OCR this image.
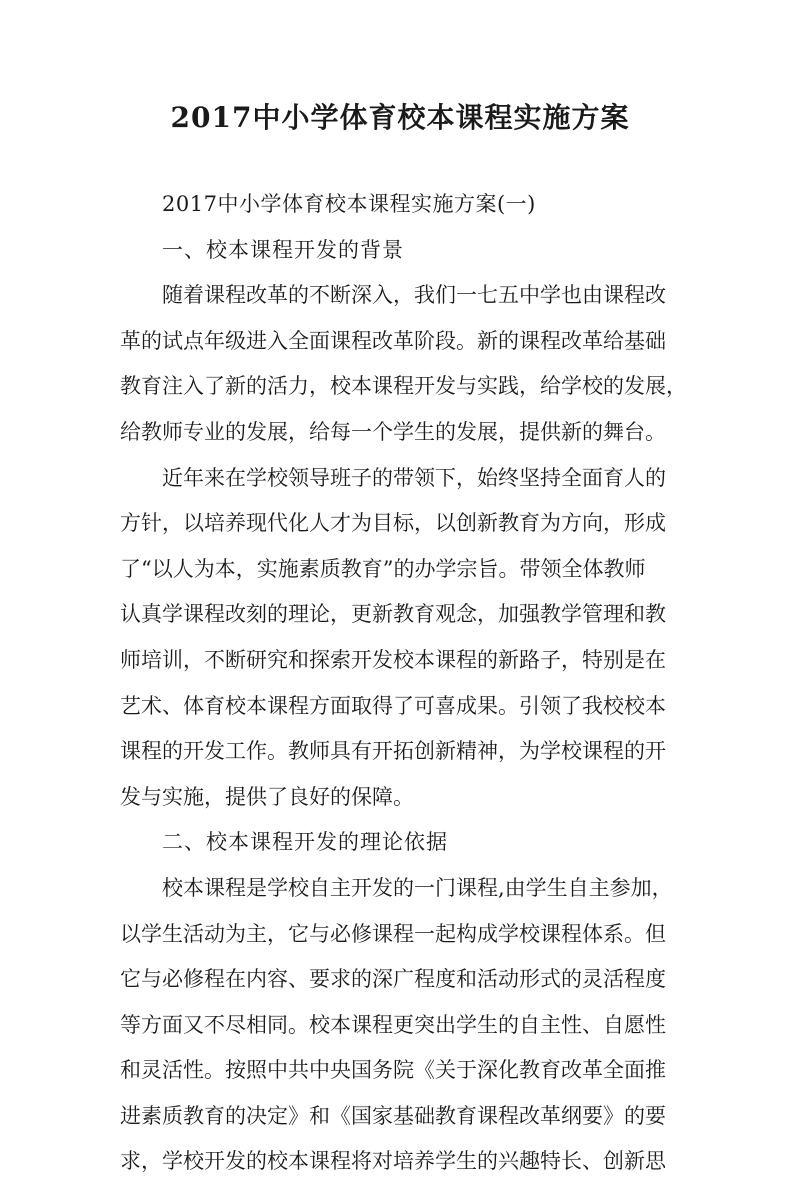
2017中小学体育校本课程实施方案

2017中小学体育校本课程实施方案(一)

一、校本课程开发的背景

随着课程改革的不断深入，我们一七五中学也由课程改

革的试点年级进入全面课程改革阶段。新的课程改革给基础

教育注入了新的活力，校本课程开发与实践，给学校的发展，

给教师专业的发展，给每一个学生的发展，提供新的舞台。

近年来在学校领导班子的带领下，始终坚持全面育人的

方针，以培养现代化人才为目标，以创新教育为方向，形成

了“以人为本，实施素质教育”的办学宗旨。带领全体教师

认真学课程改刻的理论，更新教育观念，加强教学管理和教

师培训，不断研究和探索开发校本课程的新路子，特别是在

艺术、体育校本课程方面取得了可喜成果。引领了我校校本

课程的开发工作。教师具有开拓创新精神，为学校课程的开

发与实施，提供了良好的保障。

二、校本课程开发的理论依据

校本课程是学校自主开发的一门课程,由学生自主参加，

以学生活动为主，它与必修课程一起构成学校课程体系。但

它与必修程在内容、要求的深广程度和活动形式的灵活程度

等方面又不尽相同。校本课程更突出学生的自主性、自愿性

和灵活性。按照中共中央国务院《关于深化教育改革全面推

进素质教育的决定》和《国家基础教育课程改革纲要》的要

求，学校开发的校本课程将对培养学生的兴趣特长、创新思
